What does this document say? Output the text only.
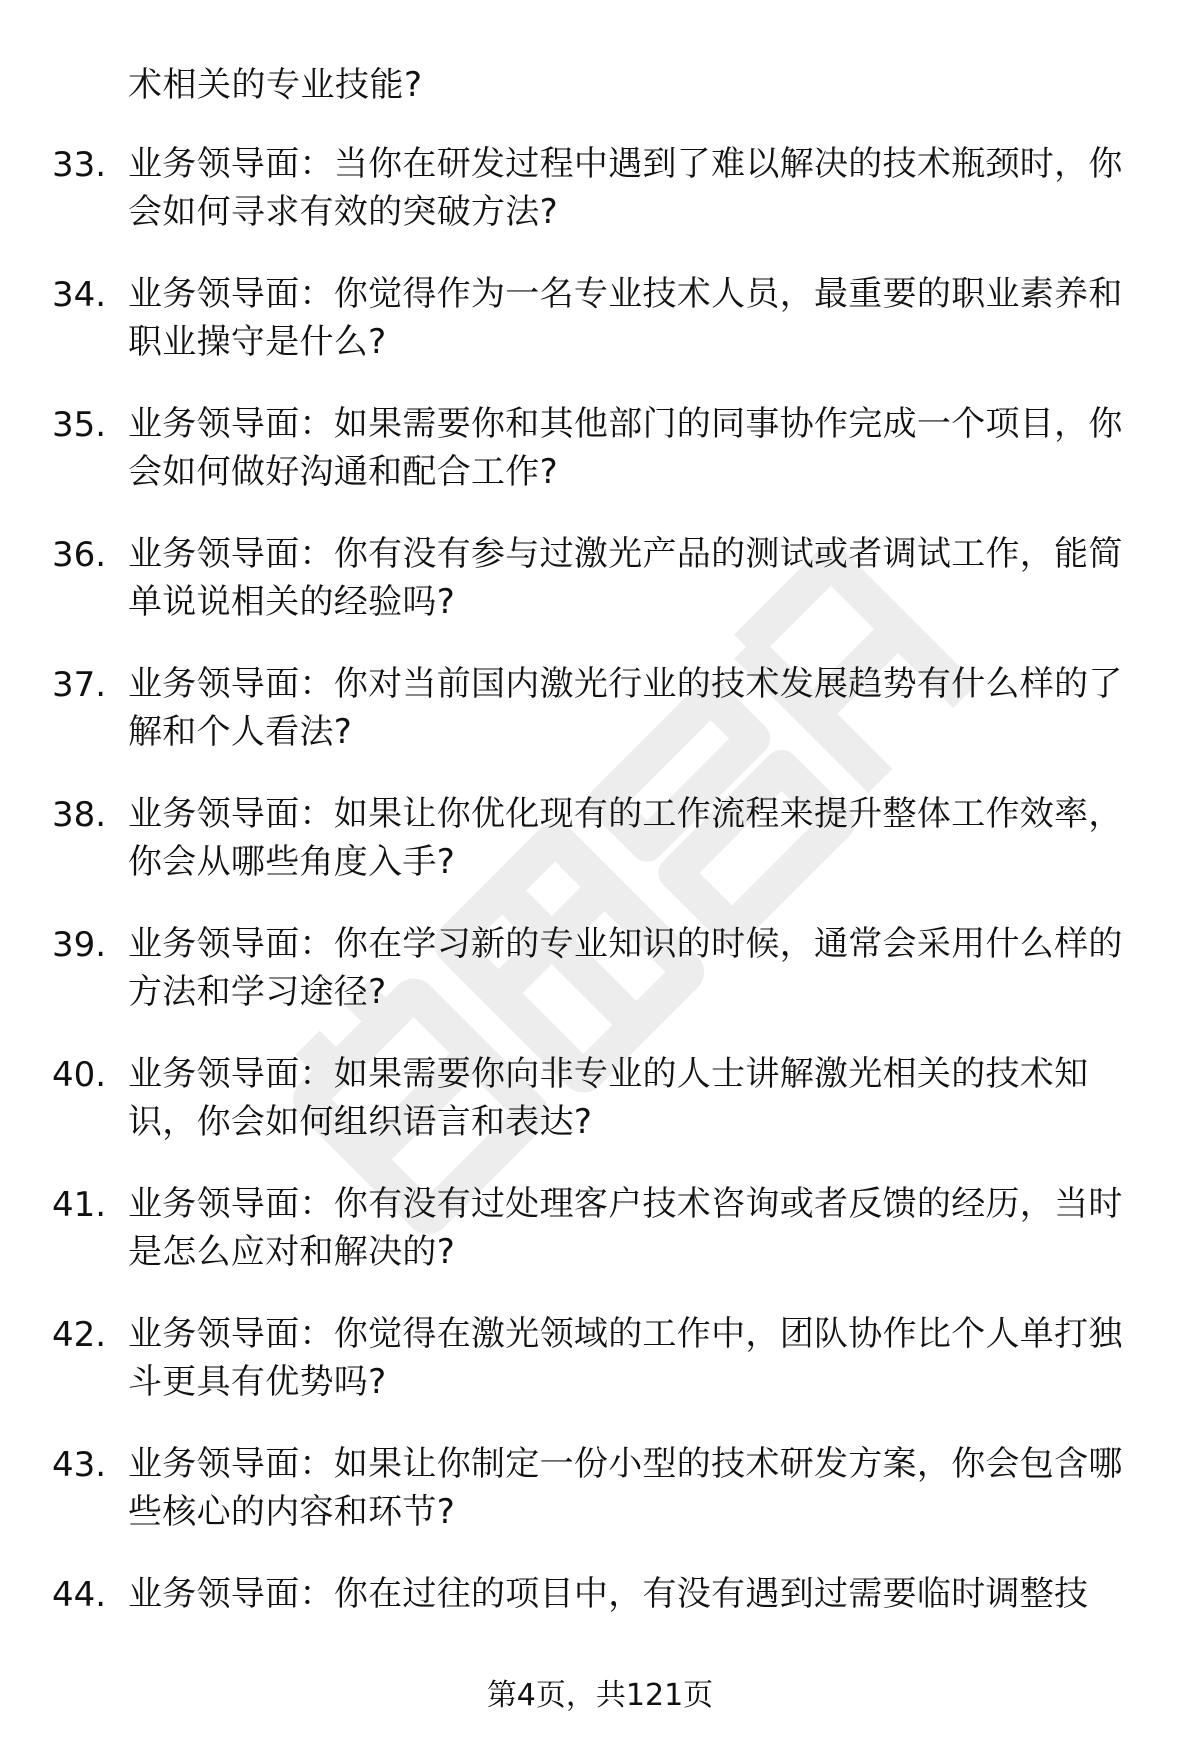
术相关的专业技能?
33. 业务领导面：当你在研发过程中遇到了难以解决的技术瓶颈时，你会如何寻求有效的突破方法?
34. 业务领导面：你觉得作为一名专业技术人员，最重要的职业素养和职业操守是什么?
35. 业务领导面：如果需要你和其他部门的同事协作完成一个项目，你会如何做好沟通和配合工作?
36. 业务领导面：你有没有参与过激光产品的测试或者调试工作，能简单说说相关的经验吗?
37. 业务领导面：你对当前国内激光行业的技术发展趋势有什么样的了解和个人看法?
38. 业务领导面：如果让你优化现有的工作流程来提升整体工作效率，你会从哪些角度入手?
39. 业务领导面：你在学习新的专业知识的时候，通常会采用什么样的方法和学习途径?
40. 业务领导面：如果需要你向非专业的人士讲解激光相关的技术知识，你会如何组织语言和表达?
41. 业务领导面：你有没有过处理客户技术咨询或者反馈的经历，当时是怎么应对和解决的?
42. 业务领导面：你觉得在激光领域的工作中，团队协作比个人单打独斗更具有优势吗?
43. 业务领导面：如果让你制定一份小型的技术研发方案，你会包含哪些核心的内容和环节?
44. 业务领导面：你在过往的项目中，有没有遇到过需要临时调整技
第4页，共121页
